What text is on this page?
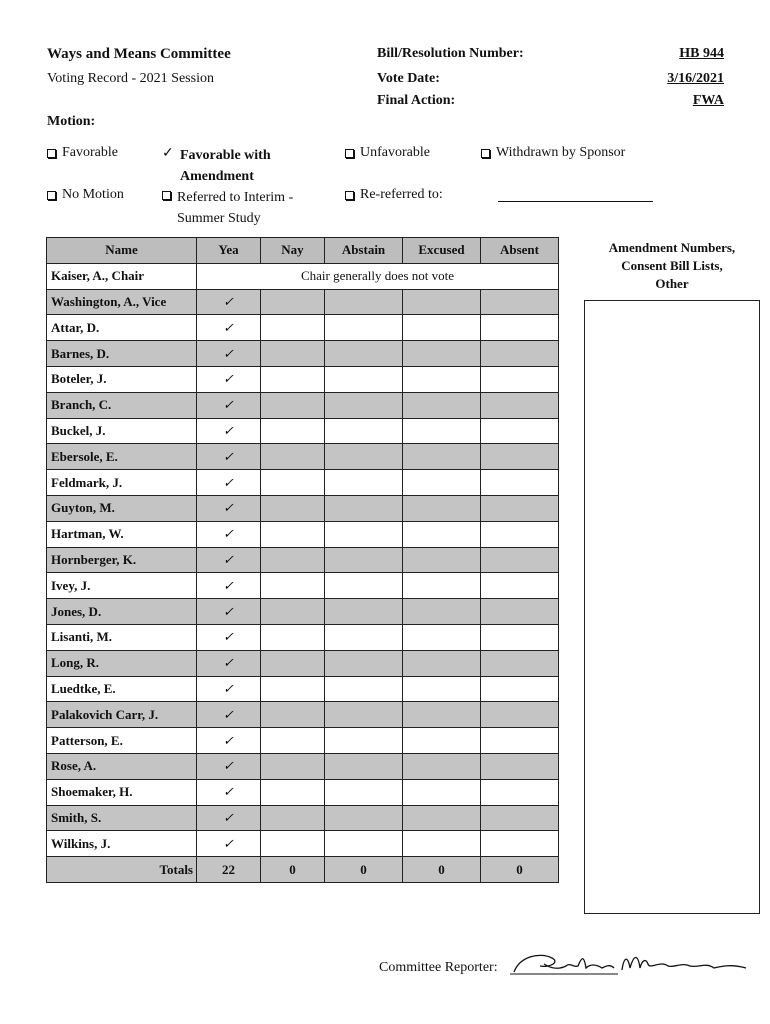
Ways and Means Committee
Voting Record - 2021 Session
Bill/Resolution Number:	HB 944
Vote Date:	3/16/2021
Final Action:	FWA
Motion:
Favorable	✓ Favorable with
Amendment
Unfavorable	Withdrawn by Sponsor
No Motion	Referred to Interim -
Summer Study
Re-referred to:
Name	Yea	Nay	Abstain	Excused	Absent
Kaiser, A., Chair	Chair generally does not vote				
Washington, A., Vice	✓				
Attar, D.	✓				
Barnes, D.	✓				
Boteler, J.	✓				
Branch, C.	✓				
Buckel, J.	✓				
Ebersole, E.	✓				
Feldmark, J.	✓				
Guyton, M.	✓				
Hartman, W.	✓				
Hornberger, K.	✓				
Ivey, J.	✓				
Jones, D.	✓				
Lisanti, M.	✓				
Long, R.	✓				
Luedtke, E.	✓				
Palakovich Carr, J.	✓				
Patterson, E.	✓				
Rose, A.	✓				
Shoemaker, H.	✓				
Smith, S.	✓				
Wilkins, J.	✓				
Totals	22	0	0	0	0
Amendment Numbers,
Consent Bill Lists,
Other
Committee Reporter:
